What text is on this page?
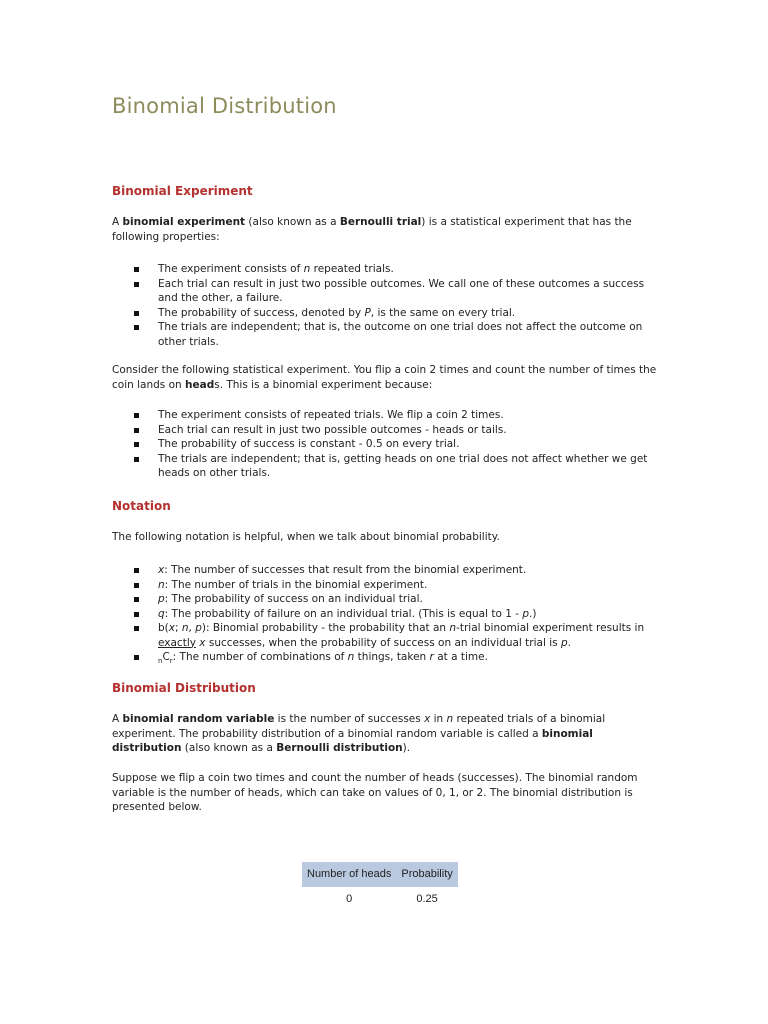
Binomial Distribution
Binomial Experiment

A binomial experiment (also known as a Bernoulli trial) is a statistical experiment that has the following properties:

The experiment consists of n repeated trials.
Each trial can result in just two possible outcomes. We call one of these outcomes a success and the other, a failure.
The probability of success, denoted by P, is the same on every trial.
The trials are independent; that is, the outcome on one trial does not affect the outcome on other trials.

Consider the following statistical experiment. You flip a coin 2 times and count the number of times the coin lands on heads. This is a binomial experiment because:

The experiment consists of repeated trials. We flip a coin 2 times.
Each trial can result in just two possible outcomes - heads or tails.
The probability of success is constant - 0.5 on every trial.
The trials are independent; that is, getting heads on one trial does not affect whether we get heads on other trials.
Notation

The following notation is helpful, when we talk about binomial probability.

x: The number of successes that result from the binomial experiment.
n: The number of trials in the binomial experiment.
p: The probability of success on an individual trial.
q: The probability of failure on an individual trial. (This is equal to 1 - p.)
b(x; n, p): Binomial probability - the probability that an n-trial binomial experiment results in exactly x successes, when the probability of success on an individual trial is p.
$_nC_r$: The number of combinations of n things, taken r at a time.
Binomial Distribution

A binomial random variable is the number of successes x in n repeated trials of a binomial experiment. The probability distribution of a binomial random variable is called a binomial distribution (also known as a Bernoulli distribution).

Suppose we flip a coin two times and count the number of heads (successes). The binomial random variable is the number of heads, which can take on values of 0, 1, or 2. The binomial distribution is presented below.

Number of heads	Probability
0	0.25
